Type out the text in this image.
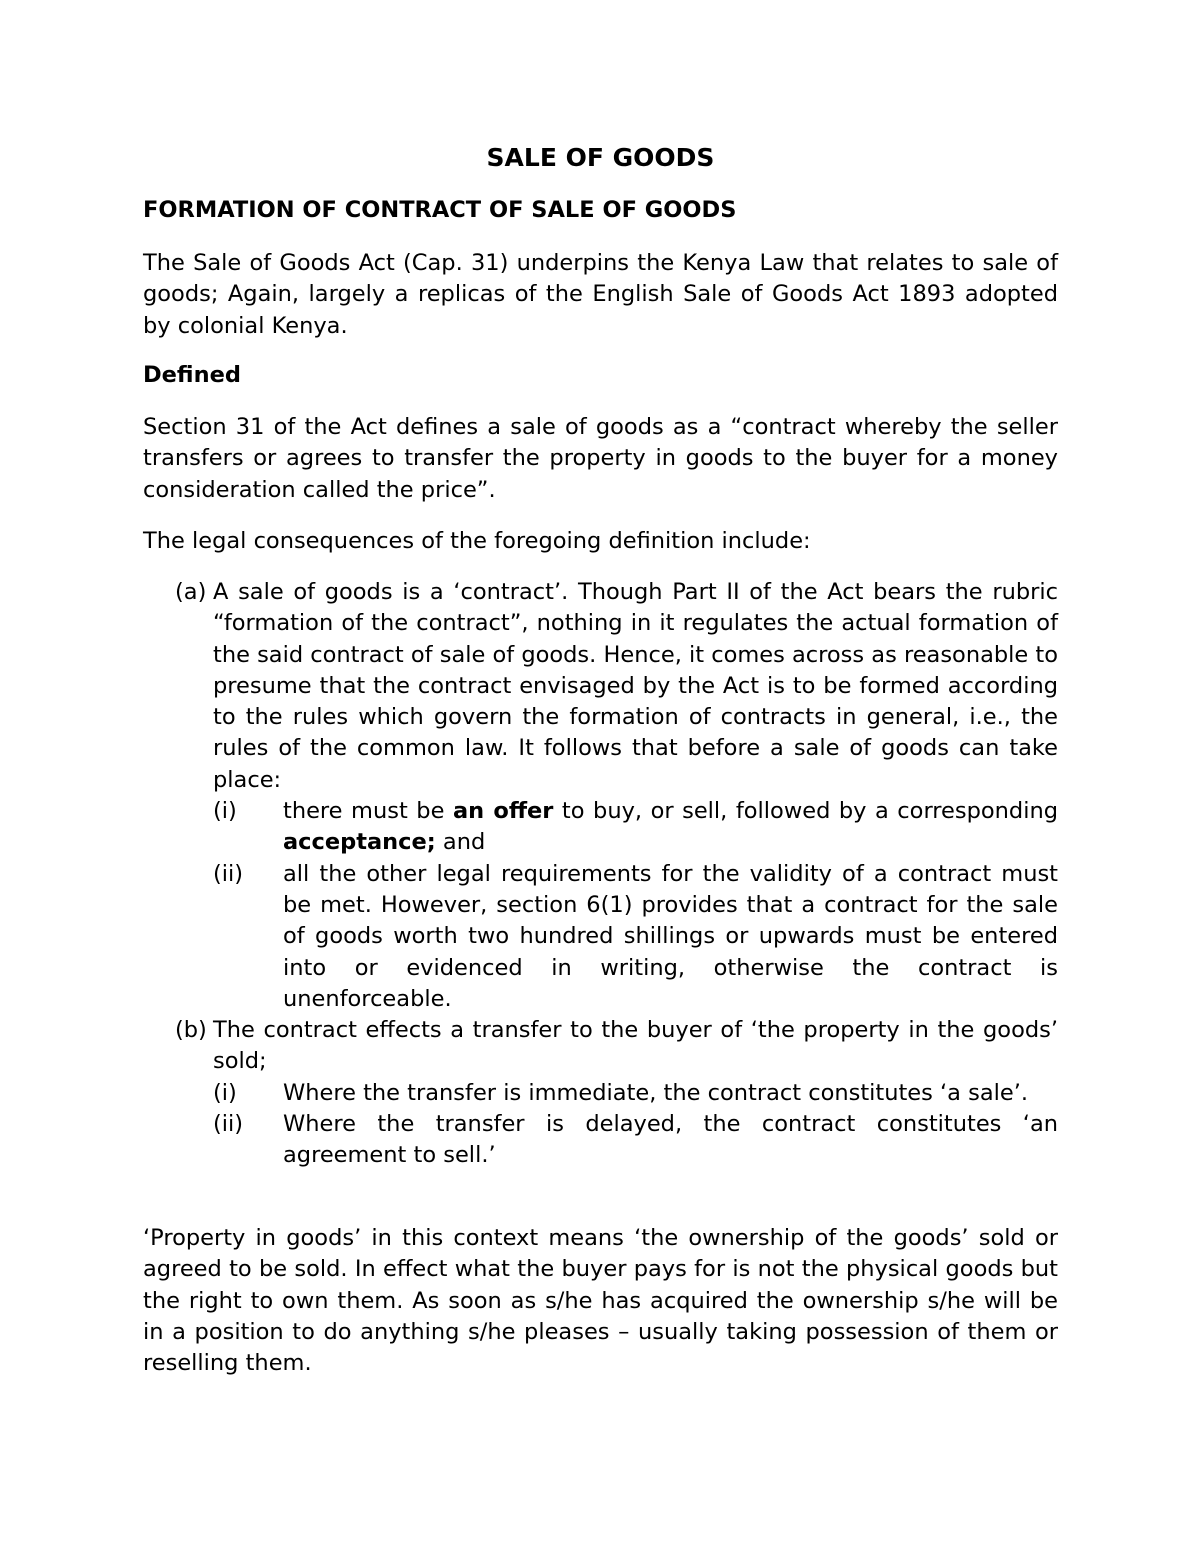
SALE OF GOODS
FORMATION OF CONTRACT OF SALE OF GOODS
The Sale of Goods Act (Cap. 31) underpins the Kenya Law that relates to sale of goods; Again, largely a replicas of the English Sale of Goods Act 1893 adopted by colonial Kenya.
Defined
Section 31 of the Act defines a sale of goods as a “contract whereby the seller transfers or agrees to transfer the property in goods to the buyer for a money consideration called the price”.
The legal consequences of the foregoing definition include:
(a) A sale of goods is a ‘contract’. Though Part II of the Act bears the rubric “formation of the contract”, nothing in it regulates the actual formation of the said contract of sale of goods. Hence, it comes across as reasonable to presume that the contract envisaged by the Act is to be formed according to the rules which govern the formation of contracts in general, i.e., the rules of the common law. It follows that before a sale of goods can take place:
(i) there must be an offer to buy, or sell, followed by a corresponding acceptance; and
(ii) all the other legal requirements for the validity of a contract must be met. However, section 6(1) provides that a contract for the sale of goods worth two hundred shillings or upwards must be entered into or evidenced in writing, otherwise the contract is unenforceable.
(b) The contract effects a transfer to the buyer of ‘the property in the goods’ sold;
(i) Where the transfer is immediate, the contract constitutes ‘a sale’.
(ii) Where the transfer is delayed, the contract constitutes ‘an agreement to sell.’
‘Property in goods’ in this context means ‘the ownership of the goods’ sold or agreed to be sold. In effect what the buyer pays for is not the physical goods but the right to own them. As soon as s/he has acquired the ownership s/he will be in a position to do anything s/he pleases – usually taking possession of them or reselling them.
